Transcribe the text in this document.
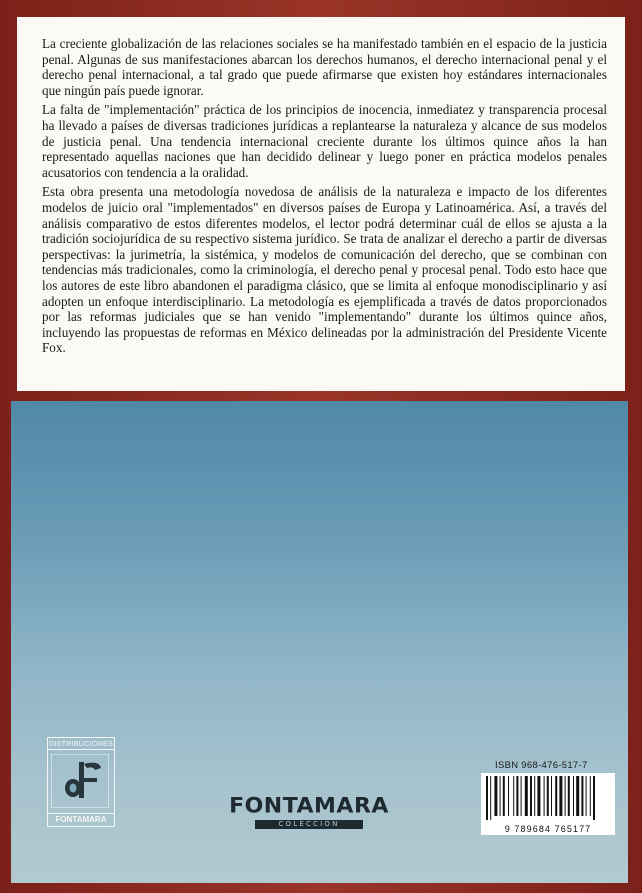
La creciente globalización de las relaciones sociales se ha manifestado también en el espacio de la justicia penal. Algunas de sus manifestaciones abarcan los derechos humanos, el derecho internacional penal y el derecho penal internacional, a tal grado que puede afirmarse que existen hoy estándares internacionales que ningún país puede ignorar.

La falta de "implementación" práctica de los principios de inocencia, inmediatez y transparencia procesal ha llevado a países de diversas tradiciones jurídicas a replantearse la naturaleza y alcance de sus modelos de justicia penal. Una tendencia internacional creciente durante los últimos quince años la han representado aquellas naciones que han decidido delinear y luego poner en práctica modelos penales acusatorios con tendencia a la oralidad.

Esta obra presenta una metodología novedosa de análisis de la naturaleza e impacto de los diferentes modelos de juicio oral "implementados" en diversos países de Europa y Latinoamérica. Así, a través del análisis comparativo de estos diferentes modelos, el lector podrá determinar cuál de ellos se ajusta a la tradición sociojurídica de su respectivo sistema jurídico. Se trata de analizar el derecho a partir de diversas perspectivas: la jurimetría, la sistémica, y modelos de comunicación del derecho, que se combinan con tendencias más tradicionales, como la criminología, el derecho penal y procesal penal. Todo esto hace que los autores de este libro abandonen el paradigma clásico, que se limita al enfoque monodisciplinario y así adopten un enfoque interdisciplinario. La metodología es ejemplificada a través de datos proporcionados por las reformas judiciales que se han venido "implementando" durante los últimos quince años, incluyendo las propuestas de reformas en México delineadas por la administración del Presidente Vicente Fox.

DISTRIBUCIONES
FONTAMARA
FONTAMARA
COLECCIÓN
ISBN 968-476-517-7
9 789684 765177
